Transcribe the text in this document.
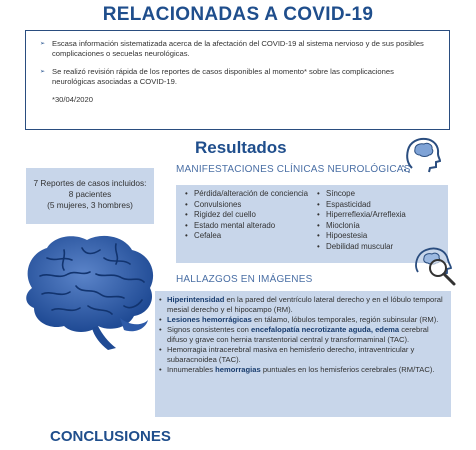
RELACIONADAS A COVID-19
➢ Escasa información sistematizada acerca de la afectación del COVID-19 al sistema nervioso y de sus posibles complicaciones o secuelas neurológicas.
➢ Se realizó revisión rápida de los reportes de casos disponibles al momento* sobre las complicaciones neurológicas asociadas a COVID-19.
*30/04/2020
Resultados
7 Reportes de casos incluidos:
8 pacientes
(5 mujeres, 3 hombres)
MANIFESTACIONES CLÍNICAS NEUROLÓGICAS
• Pérdida/alteración de conciencia
• Convulsiones
• Rigidez del cuello
• Estado mental alterado
• Cefalea
• Síncope
• Espasticidad
• Hiperreflexia/Arreflexia
• Mioclonía
• Hipoestesia
• Debilidad muscular
HALLAZGOS EN IMÁGENES
• Hiperintensidad en la pared del ventrículo lateral derecho y en el lóbulo temporal mesial derecho y el hipocampo (RM).
• Lesiones hemorrágicas en tálamo, lóbulos temporales, región subinsular (RM).
• Signos consistentes con encefalopatía necrotizante aguda, edema cerebral difuso y grave con hernia transtentorial central y transformaminal (TAC).
• Hemorragia intracerebral masiva en hemisferio derecho, intraventricular y subaracnoidea (TAC).
• Innumerables hemorragias puntuales en los hemisferios cerebrales (RM/TAC).
CONCLUSIONES
